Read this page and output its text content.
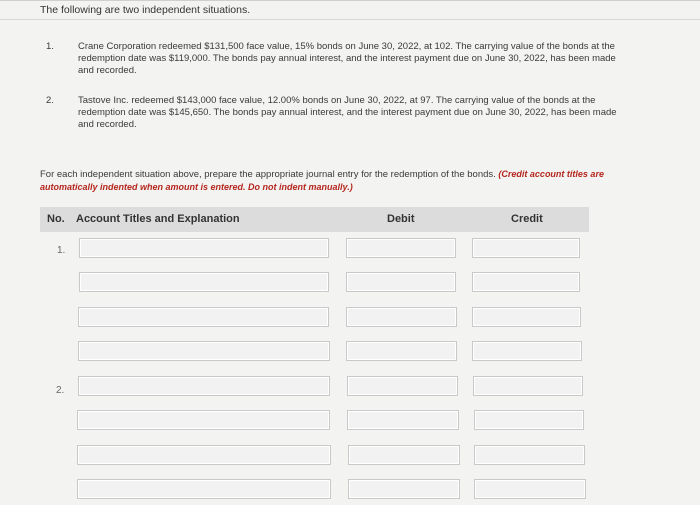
The following are two independent situations.
1.	Crane Corporation redeemed $131,500 face value, 15% bonds on June 30, 2022, at 102. The carrying value of the bonds at the redemption date was $119,000. The bonds pay annual interest, and the interest payment due on June 30, 2022, has been made and recorded.
2.	Tastove Inc. redeemed $143,000 face value, 12.00% bonds on June 30, 2022, at 97. The carrying value of the bonds at the redemption date was $145,650. The bonds pay annual interest, and the interest payment due on June 30, 2022, has been made and recorded.
For each independent situation above, prepare the appropriate journal entry for the redemption of the bonds. (Credit account titles are automatically indented when amount is entered. Do not indent manually.)
No. Account Titles and Explanation	Debit	Credit
1.
2.
